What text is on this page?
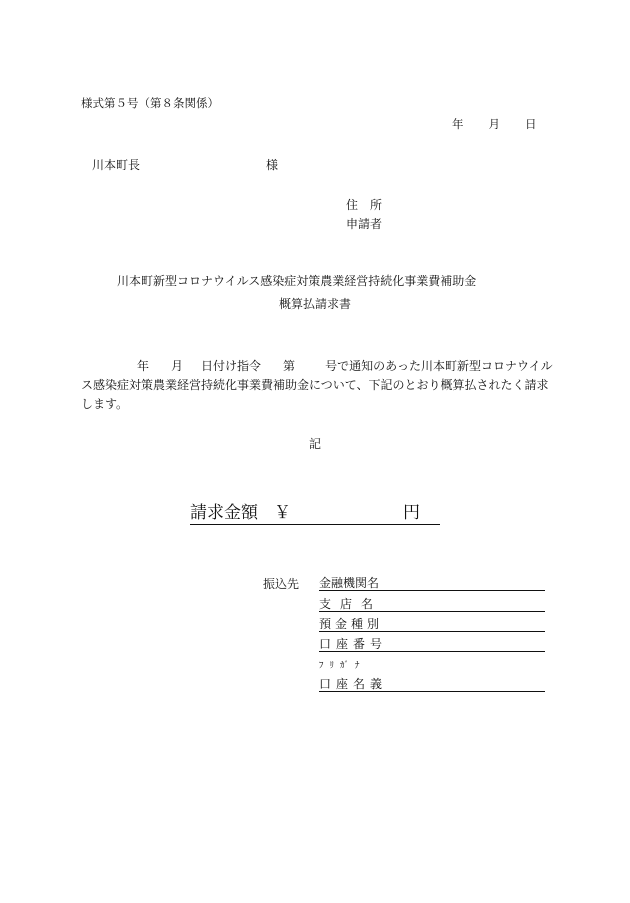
様式第５号（第８条関係）
年 月 日
川本町長	様
住　所
申請者
川本町新型コロナウイルス感染症対策農業経営持続化事業費補助金
概算払請求書
年 月 日付け指令 第	号で通知のあった川本町新型コロナウイルス感染症対策農業経営持続化事業費補助金について、下記のとおり概算払されたく請求します。
記
請求金額 ￥	円
振込先 金融機関名
支店名
預金種別
口座番号
ﾌﾘｶﾞﾅ
口座名義
